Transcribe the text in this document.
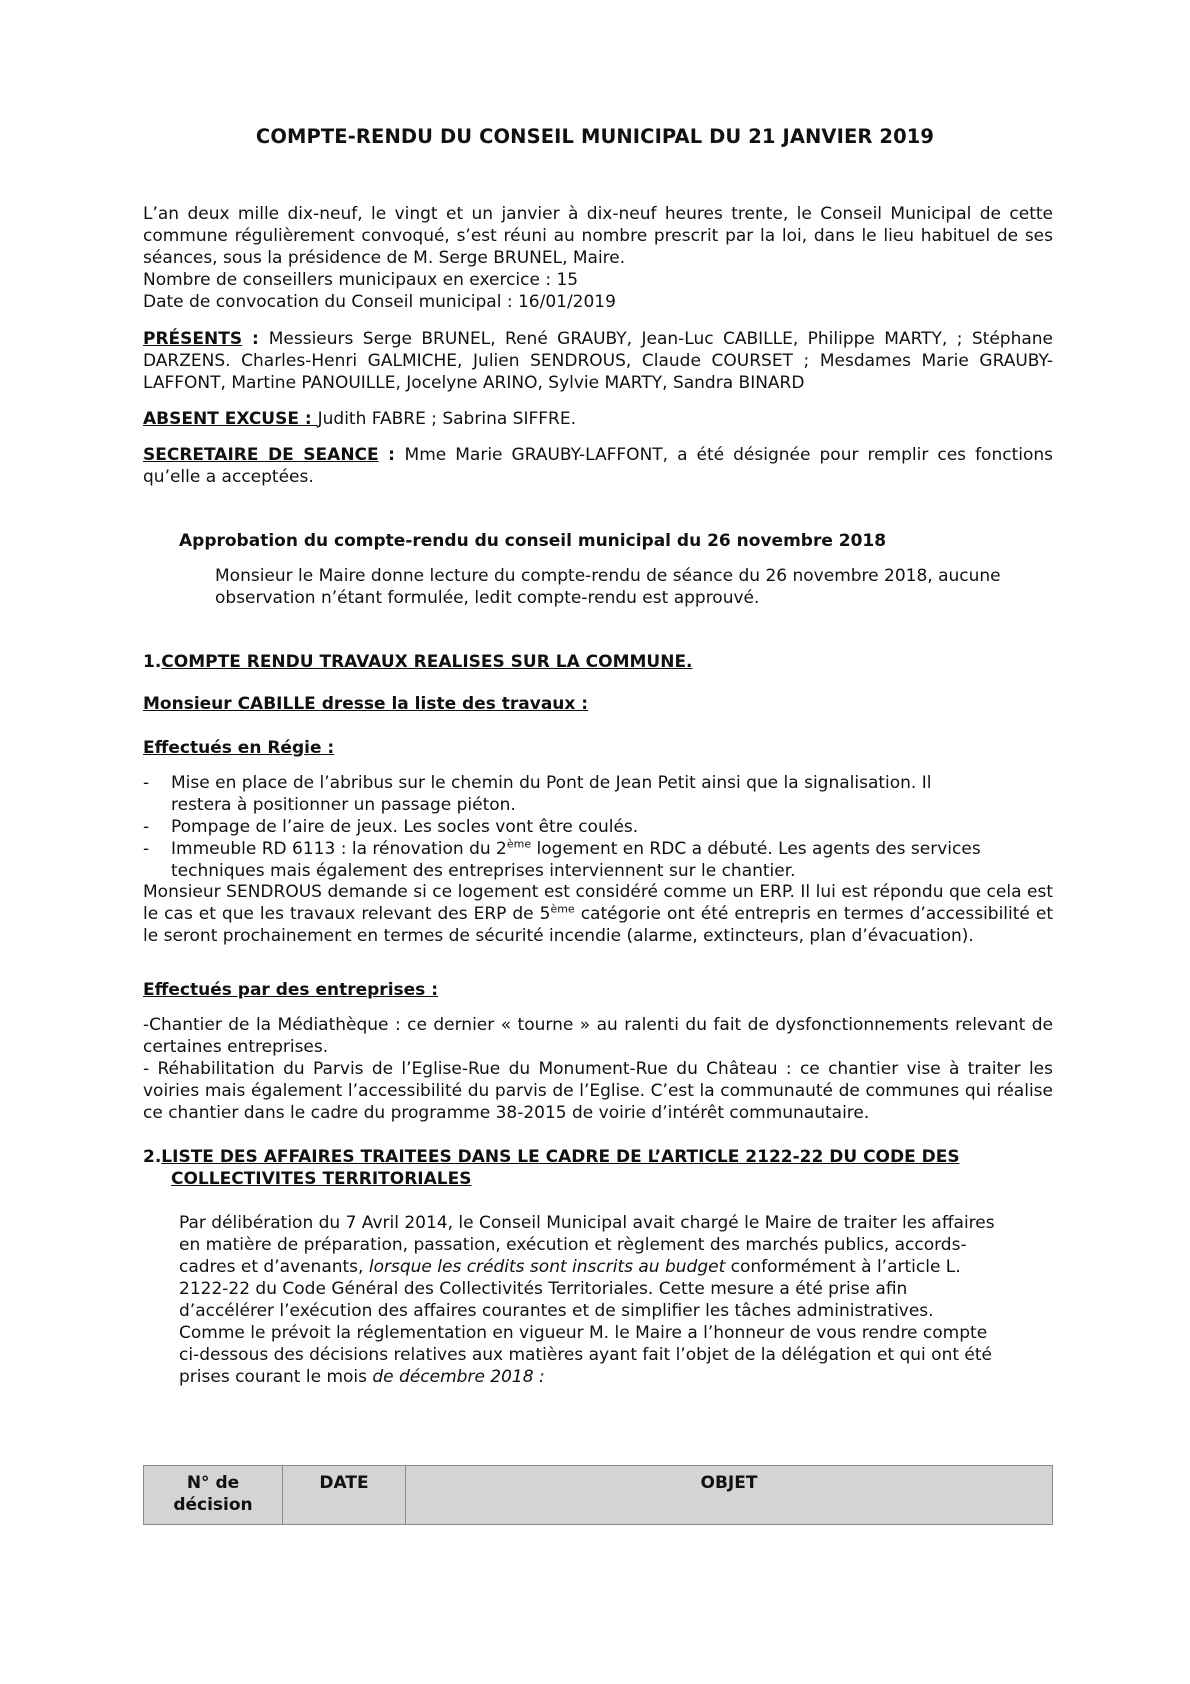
COMPTE-RENDU DU CONSEIL MUNICIPAL DU 21 JANVIER 2019
L’an deux mille dix-neuf, le vingt et un janvier à dix-neuf heures trente, le Conseil Municipal de cette commune régulièrement convoqué, s’est réuni au nombre prescrit par la loi, dans le lieu habituel de ses séances, sous la présidence de M. Serge BRUNEL, Maire.
Nombre de conseillers municipaux en exercice : 15
Date de convocation du Conseil municipal : 16/01/2019
PRÉSENTS : Messieurs Serge BRUNEL, René GRAUBY, Jean-Luc CABILLE, Philippe MARTY, ; Stéphane DARZENS. Charles-Henri GALMICHE, Julien SENDROUS, Claude COURSET ; Mesdames Marie GRAUBY-LAFFONT, Martine PANOUILLE, Jocelyne ARINO, Sylvie MARTY, Sandra BINARD
ABSENT EXCUSE : Judith FABRE ; Sabrina SIFFRE.
SECRETAIRE DE SEANCE : Mme Marie GRAUBY-LAFFONT, a été désignée pour remplir ces fonctions qu’elle a acceptées.
Approbation du compte-rendu du conseil municipal du 26 novembre 2018
Monsieur le Maire donne lecture du compte-rendu de séance du 26 novembre 2018, aucune observation n’étant formulée, ledit compte-rendu est approuvé.
1.COMPTE RENDU TRAVAUX REALISES SUR LA COMMUNE.
Monsieur CABILLE dresse la liste des travaux :
Effectués en Régie :
- Mise en place de l’abribus sur le chemin du Pont de Jean Petit ainsi que la signalisation. Il
restera à positionner un passage piéton.
- Pompage de l’aire de jeux. Les socles vont être coulés.
- Immeuble RD 6113 : la rénovation du 2ème logement en RDC a débuté. Les agents des services
techniques mais également des entreprises interviennent sur le chantier.
Monsieur SENDROUS demande si ce logement est considéré comme un ERP. Il lui est répondu que cela est le cas et que les travaux relevant des ERP de 5ème catégorie ont été entrepris en termes d’accessibilité et le seront prochainement en termes de sécurité incendie (alarme, extincteurs, plan d’évacuation).
Effectués par des entreprises :
-Chantier de la Médiathèque : ce dernier « tourne » au ralenti du fait de dysfonctionnements relevant de certaines entreprises.
- Réhabilitation du Parvis de l’Eglise-Rue du Monument-Rue du Château : ce chantier vise à traiter les voiries mais également l’accessibilité du parvis de l’Eglise. C’est la communauté de communes qui réalise ce chantier dans le cadre du programme 38-2015 de voirie d’intérêt communautaire.
2.LISTE DES AFFAIRES TRAITEES DANS LE CADRE DE L’ARTICLE 2122-22 DU CODE DES
COLLECTIVITES TERRITORIALES
Par délibération du 7 Avril 2014, le Conseil Municipal avait chargé le Maire de traiter les affaires
en matière de préparation, passation, exécution et règlement des marchés publics, accords-
cadres et d’avenants, lorsque les crédits sont inscrits au budget conformément à l’article L.
2122-22 du Code Général des Collectivités Territoriales. Cette mesure a été prise afin
d’accélérer l’exécution des affaires courantes et de simplifier les tâches administratives.
Comme le prévoit la réglementation en vigueur M. le Maire a l’honneur de vous rendre compte
ci-dessous des décisions relatives aux matières ayant fait l’objet de la délégation et qui ont été
prises courant le mois de décembre 2018 :
N° de décision	DATE	OBJET
